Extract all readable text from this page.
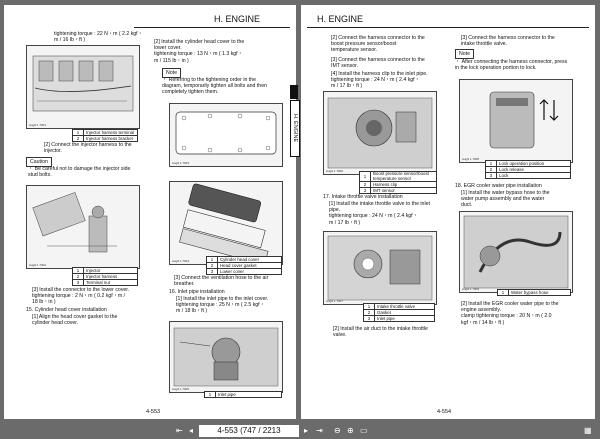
H. ENGINE
H. ENGINE
tightening torque : 22 N・m ( 2.2 kgf・
m / 16 lb・ft )
Aug9 1 7001
1	Injector harness terminal
2	Injector harness bracket
[2] Connect the injector harness to the
injector.
Caution
・ Be careful not to damage the injector side
stud bolts.
Aug9 1 7002
1	Injector
2	Injector harness
3	Terminal nut
[3] Install the connector to the lower cover.
tightening torque : 2 N・m ( 0.2 kgf・m /
18 lb・in )
15. Cylinder head cover installation
[1] Align the head cover gasket to the
cylinder head cover.
[2] Install the cylinder head cover to the
lower cover.
tightening torque : 13 N・m ( 1.3 kgf・
m / 115 lb・in )
Note
・ Referring to the tightening order in the
diagram, temporarily tighten all bolts and then
completely tighten them.
Aug9 1 7003
Aug9 1 7004	1	Cylinder head cover
2	Head cover gasket
3	Lower cover
[3] Connect the ventilation hose to the air
breather.
16. Inlet pipe installation
[1] Install the inlet pipe to the inlet cover.
tightening torque : 25 N・m ( 2.5 kgf・
m / 18 lb・ft )
Aug9 1 7005
1	Inlet pipe
4-553
H. ENGINE
[2] Connect the harness connector to the
boost pressure sensor/boost
temperature sensor.
[3] Connect the harness connector to the
IMT sensor.
[4] Install the harness clip to the inlet pipe.
tightening torque : 24 N・m ( 2.4 kgf・
m / 17 lb・ft )
Aug9 1 7006
1	Boost pressure sensor/boost
temperature sensor
2	Harness clip
3	IMT sensor
17. Intake throttle valve installation
[1] Install the intake throttle valve to the inlet
pipe.
tightening torque : 24 N・m ( 2.4 kgf・
m / 17 lb・ft )
Aug9 1 7007
1	Intake throttle valve
2	Gasket
3	Inlet pipe
[2] Install the air duct to the intake throttle
valve.
[3] Connect the harness connector to the
intake throttle valve.
Note
・ After connecting the harness connector, press
in the lock operation portion to lock.
Aug9 1 7008
1	Lock operation position
2	Lock release
3	Lock
18. EGR cooler water pipe installation
[1] Install the water bypass hose to the
water pump assembly and the water
duct.
Aug9 1 7009
1	Water bypass hose
[2] Install the EGR cooler water pipe to the
engine assembly.
clamp tightening torque : 20 N・m ( 2.0
kgf・m / 14 lb・ft )
4-554
⇤ ◂	4-553 (747 / 2213	▸ ⇥ ⊖ ⊕ ▭	▦
